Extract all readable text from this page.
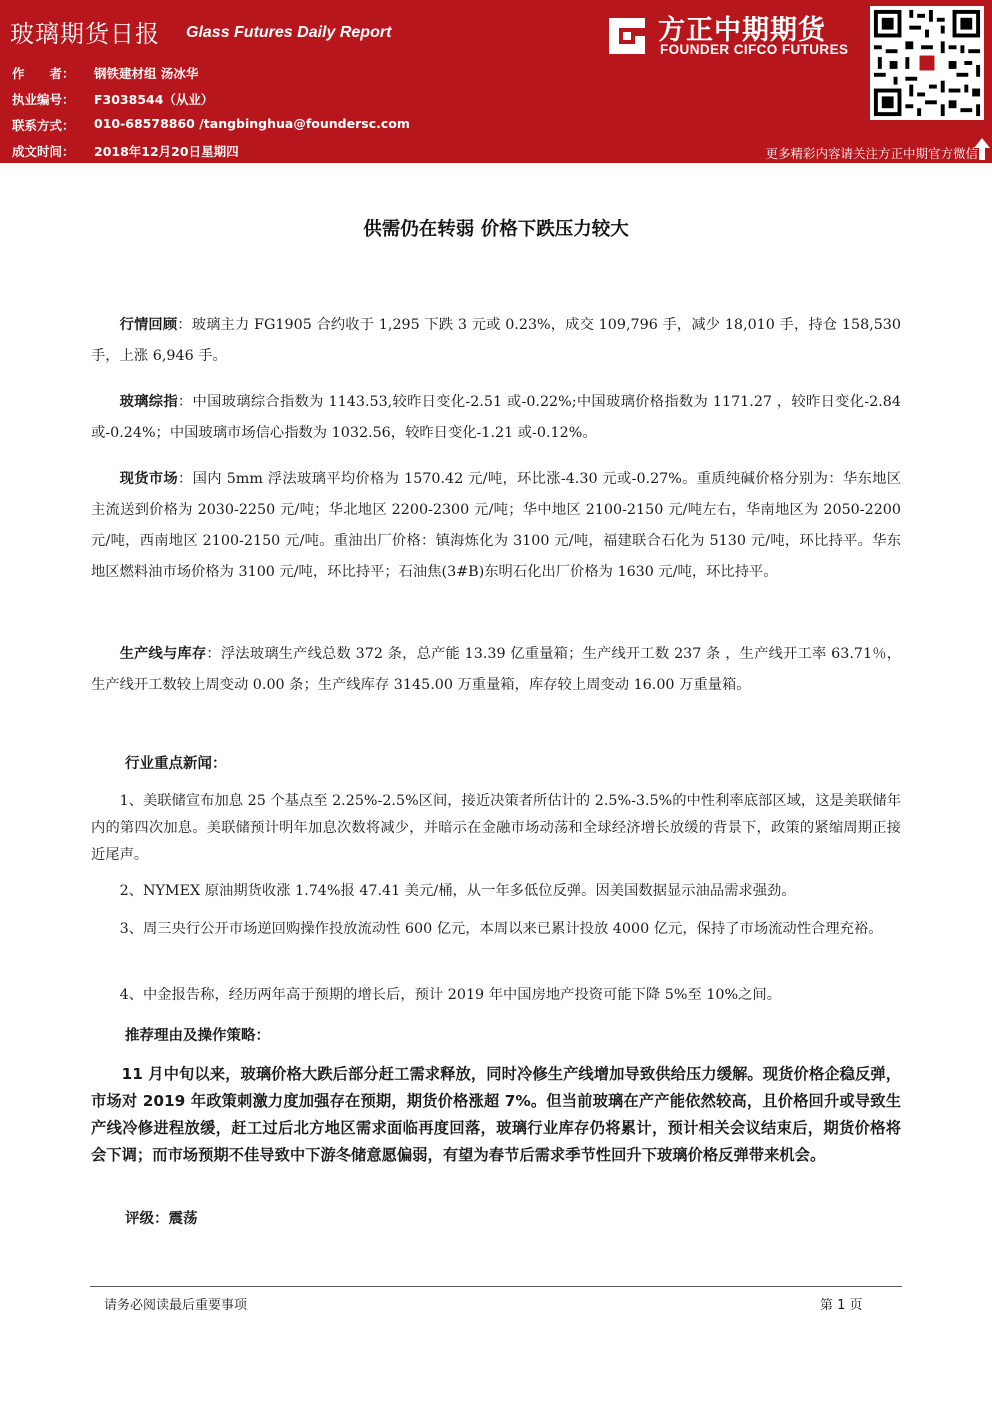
玻璃期货日报 Glass Futures Daily Report
作　　者：	钢铁建材组 汤冰华
执业编号：	F3038544（从业）
联系方式：	010-68578860 /tangbinghua@foundersc.com
成文时间：	2018年12月20日星期四
方正中期期货
FOUNDER CIFCO FUTURES
更多精彩内容请关注方正中期官方微信
供需仍在转弱 价格下跌压力较大
行情回顾：玻璃主力 FG1905 合约收于 1,295 下跌 3 元或 0.23%，成交 109,796 手，减少 18,010 手，持仓 158,530 手，上涨 6,946 手。
玻璃综指：中国玻璃综合指数为 1143.53,较昨日变化-2.51 或-0.22%;中国玻璃价格指数为 1171.27 ，较昨日变化-2.84 或-0.24%；中国玻璃市场信心指数为 1032.56，较昨日变化-1.21 或-0.12%。
现货市场：国内 5mm 浮法玻璃平均价格为 1570.42 元/吨，环比涨-4.30 元或-0.27%。重质纯碱价格分别为：华东地区主流送到价格为 2030-2250 元/吨；华北地区 2200-2300 元/吨；华中地区 2100-2150 元/吨左右，华南地区为 2050-2200 元/吨，西南地区 2100-2150 元/吨。重油出厂价格：镇海炼化为 3100 元/吨，福建联合石化为 5130 元/吨，环比持平。华东地区燃料油市场价格为 3100 元/吨，环比持平；石油焦(3#B)东明石化出厂价格为 1630 元/吨，环比持平。
生产线与库存：浮法玻璃生产线总数 372 条，总产能 13.39 亿重量箱；生产线开工数 237 条 ，生产线开工率 63.71％，生产线开工数较上周变动 0.00 条；生产线库存 3145.00 万重量箱，库存较上周变动 16.00 万重量箱。
行业重点新闻：
1、美联储宣布加息 25 个基点至 2.25%-2.5%区间，接近决策者所估计的 2.5%-3.5%的中性利率底部区域，这是美联储年内的第四次加息。美联储预计明年加息次数将减少，并暗示在金融市场动荡和全球经济增长放缓的背景下，政策的紧缩周期正接近尾声。
2、NYMEX 原油期货收涨 1.74%报 47.41 美元/桶，从一年多低位反弹。因美国数据显示油品需求强劲。
3、周三央行公开市场逆回购操作投放流动性 600 亿元，本周以来已累计投放 4000 亿元，保持了市场流动性合理充裕。
4、中金报告称，经历两年高于预期的增长后，预计 2019 年中国房地产投资可能下降 5%至 10%之间。
推荐理由及操作策略：
11 月中旬以来，玻璃价格大跌后部分赶工需求释放，同时冷修生产线增加导致供给压力缓解。现货价格企稳反弹，市场对 2019 年政策刺激力度加强存在预期，期货价格涨超 7%。但当前玻璃在产产能依然较高，且价格回升或导致生产线冷修进程放缓，赶工过后北方地区需求面临再度回落，玻璃行业库存仍将累计，预计相关会议结束后，期货价格将会下调；而市场预期不佳导致中下游冬储意愿偏弱，有望为春节后需求季节性回升下玻璃价格反弹带来机会。
评级：震荡
请务必阅读最后重要事项	第 1 页
